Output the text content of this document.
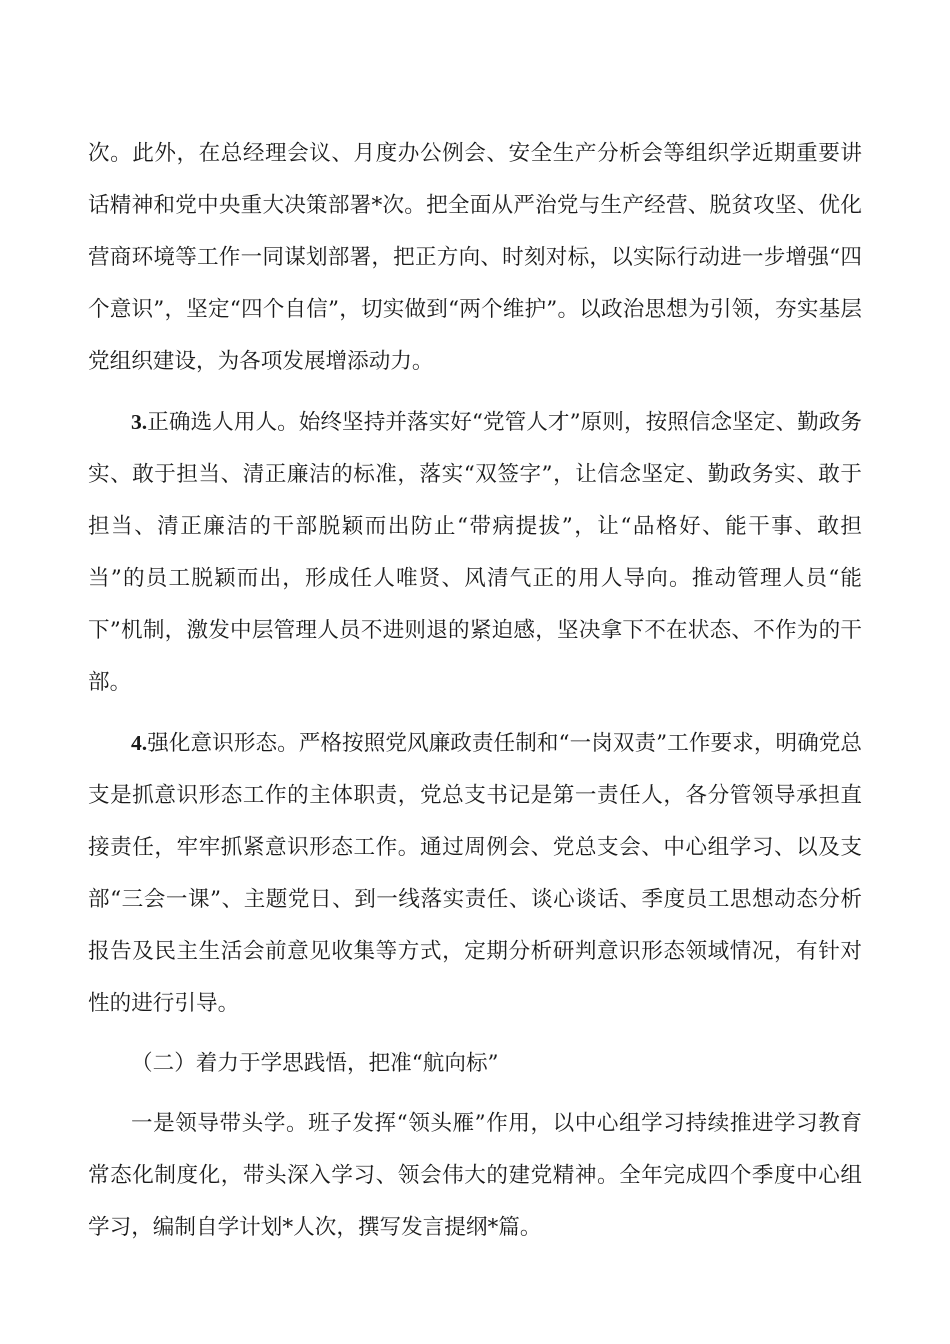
次。此外，在总经理会议、月度办公例会、安全生产分析会等组织学近期重要讲话精神和党中央重大决策部署*次。把全面从严治党与生产经营、脱贫攻坚、优化营商环境等工作一同谋划部署，把正方向、时刻对标，以实际行动进一步增强“四个意识”，坚定“四个自信”，切实做到“两个维护”。以政治思想为引领，夯实基层党组织建设，为各项发展增添动力。

3.正确选人用人。始终坚持并落实好“党管人才”原则，按照信念坚定、勤政务实、敢于担当、清正廉洁的标准，落实“双签字”，让信念坚定、勤政务实、敢于担当、清正廉洁的干部脱颖而出防止“带病提拔”，让“品格好、能干事、敢担当”的员工脱颖而出，形成任人唯贤、风清气正的用人导向。推动管理人员“能下”机制，激发中层管理人员不进则退的紧迫感，坚决拿下不在状态、不作为的干部。

4.强化意识形态。严格按照党风廉政责任制和“一岗双责”工作要求，明确党总支是抓意识形态工作的主体职责，党总支书记是第一责任人，各分管领导承担直接责任，牢牢抓紧意识形态工作。通过周例会、党总支会、中心组学习、以及支部“三会一课”、主题党日、到一线落实责任、谈心谈话、季度员工思想动态分析报告及民主生活会前意见收集等方式，定期分析研判意识形态领域情况，有针对性的进行引导。

（二）着力于学思践悟，把准“航向标”

一是领导带头学。班子发挥“领头雁”作用，以中心组学习持续推进学习教育常态化制度化，带头深入学习、领会伟大的建党精神。全年完成四个季度中心组学习，编制自学计划*人次，撰写发言提纲*篇。
